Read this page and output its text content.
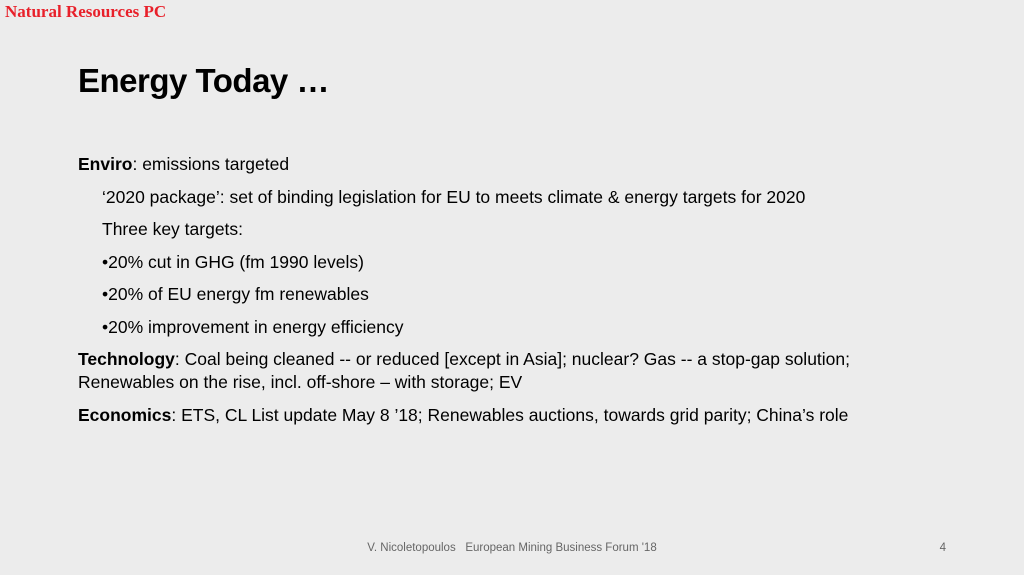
Natural Resources PC
Energy Today …
Enviro: emissions targeted
‘2020 package’: set of binding legislation for EU to meets climate & energy targets for 2020
Three key targets:
•20% cut in GHG (fm 1990 levels)
•20% of EU energy fm renewables
•20% improvement in energy efficiency
Technology: Coal being cleaned -- or reduced [except in Asia]; nuclear? Gas -- a stop-gap solution; Renewables on the rise, incl. off-shore – with storage; EV
Economics: ETS, CL List update May 8 ’18; Renewables auctions, towards grid parity; China’s role
V. Nicoletopoulos European Mining Business Forum '18	4
